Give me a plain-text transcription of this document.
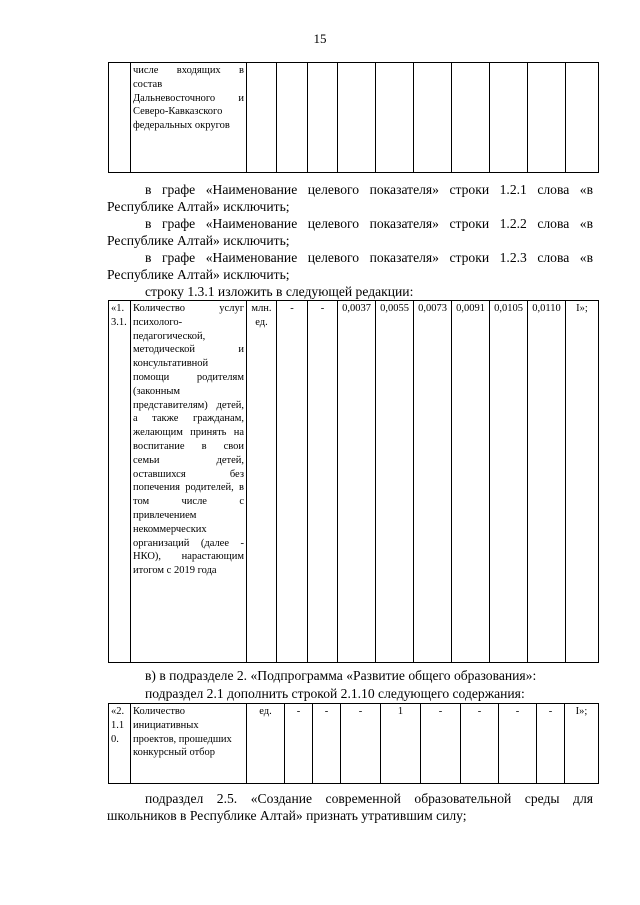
15
	числе входящих в состав Дальневосточного и Северо-Кавказского федеральных округов										

в графе «Наименование целевого показателя» строки 1.2.1 слова «в Республике Алтай» исключить;

в графе «Наименование целевого показателя» строки 1.2.2 слова «в Республике Алтай» исключить;

в графе «Наименование целевого показателя» строки 1.2.3 слова «в Республике Алтай» исключить;

строку 1.3.1 изложить в следующей редакции:

«1.3.1.	Количество услуг психолого-педагогической, методической и консультативной помощи родителям (законным представителям) детей, а также гражданам, желающим принять на воспитание в свои семьи детей, оставшихся без попечения родителей, в том числе с привлечением некоммерческих организаций (далее - НКО), нарастающим итогом с 2019 года	млн. ед.	-	-	0,0037	0,0055	0,0073	0,0091	0,0105	0,0110	I»;

в) в подразделе 2. «Подпрограмма «Развитие общего образования»:

подраздел 2.1 дополнить строкой 2.1.10 следующего содержания:

«2.1.10.	Количество инициативных проектов, прошедших конкурсный отбор	ед.	-	-	-	1	-	-	-	-	I»;

подраздел 2.5. «Создание современной образовательной среды для школьников в Республике Алтай» признать утратившим силу;
